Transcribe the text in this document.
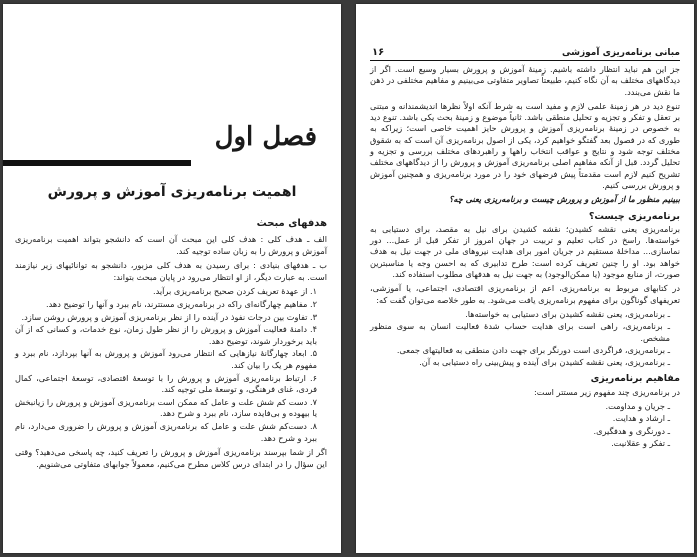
فصل اول
اهمیت برنامه‌ریزی آموزش و پرورش
هدفهای مبحث

الف ـ هدف کلی : هدف کلی این مبحث آن است که دانشجو بتواند اهمیت برنامه‌ریزی آموزش و پرورش را به زبان ساده توجیه کند.

ب ـ هدفهای بنیادی : برای رسیدن به هدف کلی مزبور، دانشجو به توانائیهای زیر نیازمند است. به عبارت دیگر، از او انتظار می‌رود در پایان مبحث بتواند:

۱. از عهدهٔ تعریف کردن صحیح برنامه‌ریزی برآید.
۲. مفاهیم چهارگانه‌ای راکه در برنامه‌ریزی مستترند، نام ببرد و آنها را توضیح دهد.
۳. تفاوت بین درجات نفوذ در آینده را از نظر برنامه‌ریزی آموزش و پرورش روشن سازد.
۴. دامنهٔ فعالیت آموزش و پرورش را از نظر طول زمان، نوع خدمات، و کسانی که از آن باید برخوردار شوند، توضیح دهد.
۵. ابعاد چهارگانهٔ نیازهایی که انتظار می‌رود آموزش و پرورش به آنها بپردازد، نام ببرد و مفهوم هر یک را بیان کند.
۶. ارتباط برنامه‌ریزی آموزش و پرورش را با توسعهٔ اقتصادی، توسعهٔ اجتماعی، کمال فردی، غنای فرهنگی، و توسعهٔ ملی توجیه کند.
۷. دست کم شش علت و عامل که ممکن است برنامه‌ریزی آموزش و پرورش را زیانبخش یا بیهوده و بی‌فایده سازد، نام ببرد و شرح دهد.
۸. دست‌کم شش علت و عامل که برنامه‌ریزی آموزش و پرورش را ضروری می‌دارد، نام ببرد و شرح دهد.

اگر از شما بپرسند برنامه‌ریزی آموزش و پرورش را تعریف کنید، چه پاسخی می‌دهید؟ وقتی این سؤال را در ابتدای درس کلاس مطرح می‌کنیم، معمولاً جوابهای متفاوتی می‌شنویم.

مبانی برنامه‌ریزی آموزشی
۱۶

جز این هم نباید انتظار داشته باشیم. زمینهٔ آموزش و پرورش بسیار وسیع است. اگر از دیدگاههای مختلف به آن نگاه کنیم، طبیعتاً تصاویر متفاوتی می‌بینیم و مفاهیم مختلفی در ذهن ما نقش می‌بندد.

تنوع دید در هر زمینهٔ علمی لازم و مفید است به شرط آنکه اولاً نظرها اندیشمندانه و مبتنی بر تعقل و تفکر و تجزیه و تحلیل منطقی باشد. ثانیاً موضوع و زمینهٔ بحث یکی باشد. تنوع دید به خصوص در زمینهٔ برنامه‌ریزی آموزش و پرورش حایز اهمیت خاصی است؛ زیراکه به طوری که در فصول بعد گفتگو خواهیم کرد، یکی از اصول برنامه‌ریزی آن است که به شقوق مختلف توجه شود و نتایج و عواقب انتخاب راهها و راهبردهای مختلف بررسی و تجزیه و تحلیل گردد. قبل از آنکه مفاهیم اصلی برنامه‌ریزی آموزش و پرورش را از دیدگاههای مختلف تشریح کنیم لازم است مقدمتاً پیش فرضهای خود را در مورد برنامه‌ریزی و همچنین آموزش و پرورش بررسی کنیم.

ببینیم منظور ما از آموزش و پرورش چیست و برنامه‌ریزی یعنی چه؟

برنامه‌ریزی چیست؟

برنامه‌ریزی یعنی نقشه کشیدن؛ نقشه کشیدن برای نیل به مقصد، برای دستیابی به خواسته‌ها. راسخ در کتاب تعلیم و تربیت در جهان امروز از تفکر قبل از عمل... دور نماسازی... مداخلهٔ مستقیم در جریان امور برای هدایت نیروهای ملی در جهت نیل به هدف خواهد بود. او را چنین تعریف کرده است: طرح تدابیری که به احسن وجه یا مناسبترین صورت، از منابع موجود (یا ممکن‌الوجود) به جهت نیل به هدفهای مطلوب استفاده کند.

در کتابهای مربوط به برنامه‌ریزی، اعم از برنامه‌ریزی اقتصادی، اجتماعی، یا آموزشی، تعریفهای گوناگون برای مفهوم برنامه‌ریزی یافت می‌شود. به طور خلاصه می‌توان گفت که:

ـ برنامه‌ریزی، یعنی نقشه کشیدن برای دستیابی به خواسته‌ها.
ـ برنامه‌ریزی، راهی است برای هدایت حساب شدهٔ فعالیت انسان به سوی منظور مشخص.
ـ برنامه‌ریزی، فراگردی است دورنگر برای جهت دادن منطقی به فعالیتهای جمعی.
ـ برنامه‌ریزی، یعنی نقشه کشیدن برای آینده و پیش‌بینی راه دستیابی به آن.
مفاهیم برنامه‌ریزی

در برنامه‌ریزی چند مفهوم زیر مستتر است:

ـ جریان و مداومت.
ـ ارشاد و هدایت.
ـ دورنگری و هدفگیری.
ـ تفکر و عقلانیت.
